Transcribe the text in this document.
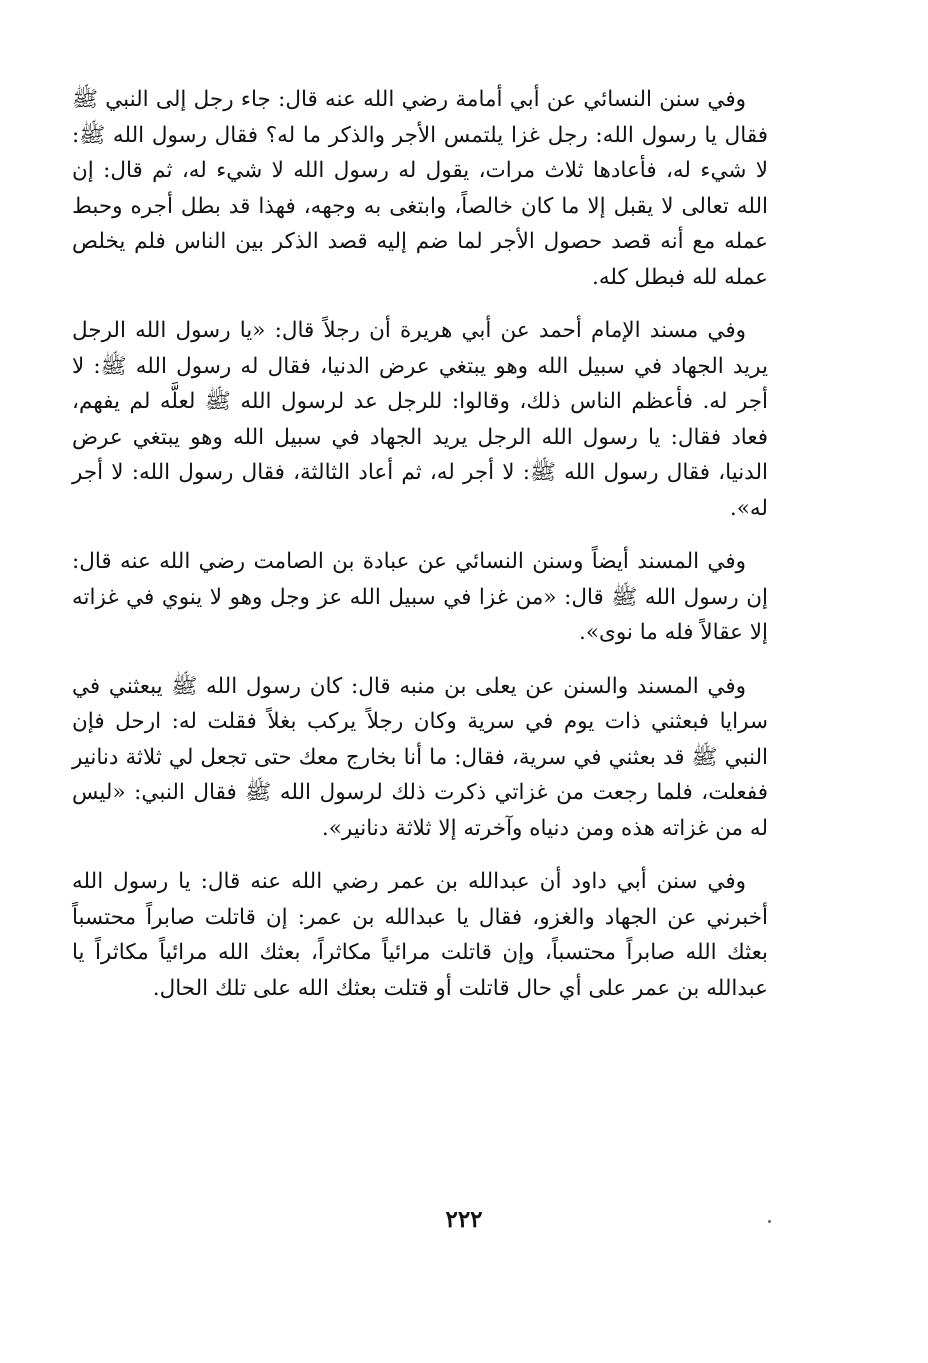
وفي سنن النسائي عن أبي أمامة رضي الله عنه قال: جاء رجل إلى النبي ﷺ فقال يا رسول الله: رجل غزا يلتمس الأجر والذكر ما له؟ فقال رسول الله ﷺ: لا شيء له، فأعادها ثلاث مرات، يقول له رسول الله لا شيء له، ثم قال: إن الله تعالى لا يقبل إلا ما كان خالصاً، وابتغى به وجهه، فهذا قد بطل أجره وحبط عمله مع أنه قصد حصول الأجر لما ضم إليه قصد الذكر بين الناس فلم يخلص عمله لله فبطل كله.

وفي مسند الإمام أحمد عن أبي هريرة أن رجلاً قال: «يا رسول الله الرجل يريد الجهاد في سبيل الله وهو يبتغي عرض الدنيا، فقال له رسول الله ﷺ: لا أجر له. فأعظم الناس ذلك، وقالوا: للرجل عد لرسول الله ﷺ لعلَّه لم يفهم، فعاد فقال: يا رسول الله الرجل يريد الجهاد في سبيل الله وهو يبتغي عرض الدنيا، فقال رسول الله ﷺ: لا أجر له، ثم أعاد الثالثة، فقال رسول الله: لا أجر له».

وفي المسند أيضاً وسنن النسائي عن عبادة بن الصامت رضي الله عنه قال: إن رسول الله ﷺ قال: «من غزا في سبيل الله عز وجل وهو لا ينوي في غزاته إلا عقالاً فله ما نوى».

وفي المسند والسنن عن يعلى بن منبه قال: كان رسول الله ﷺ يبعثني في سرايا فبعثني ذات يوم في سرية وكان رجلاً يركب بغلاً فقلت له: ارحل فإن النبي ﷺ قد بعثني في سرية، فقال: ما أنا بخارج معك حتى تجعل لي ثلاثة دنانير ففعلت، فلما رجعت من غزاتي ذكرت ذلك لرسول الله ﷺ فقال النبي: «ليس له من غزاته هذه ومن دنياه وآخرته إلا ثلاثة دنانير».

وفي سنن أبي داود أن عبدالله بن عمر رضي الله عنه قال: يا رسول الله أخبرني عن الجهاد والغزو، فقال يا عبدالله بن عمر: إن قاتلت صابراً محتسباً بعثك الله صابراً محتسباً، وإن قاتلت مرائياً مكاثراً، بعثك الله مرائياً مكاثراً يا عبدالله بن عمر على أي حال قاتلت أو قتلت بعثك الله على تلك الحال.

٢٢٢
